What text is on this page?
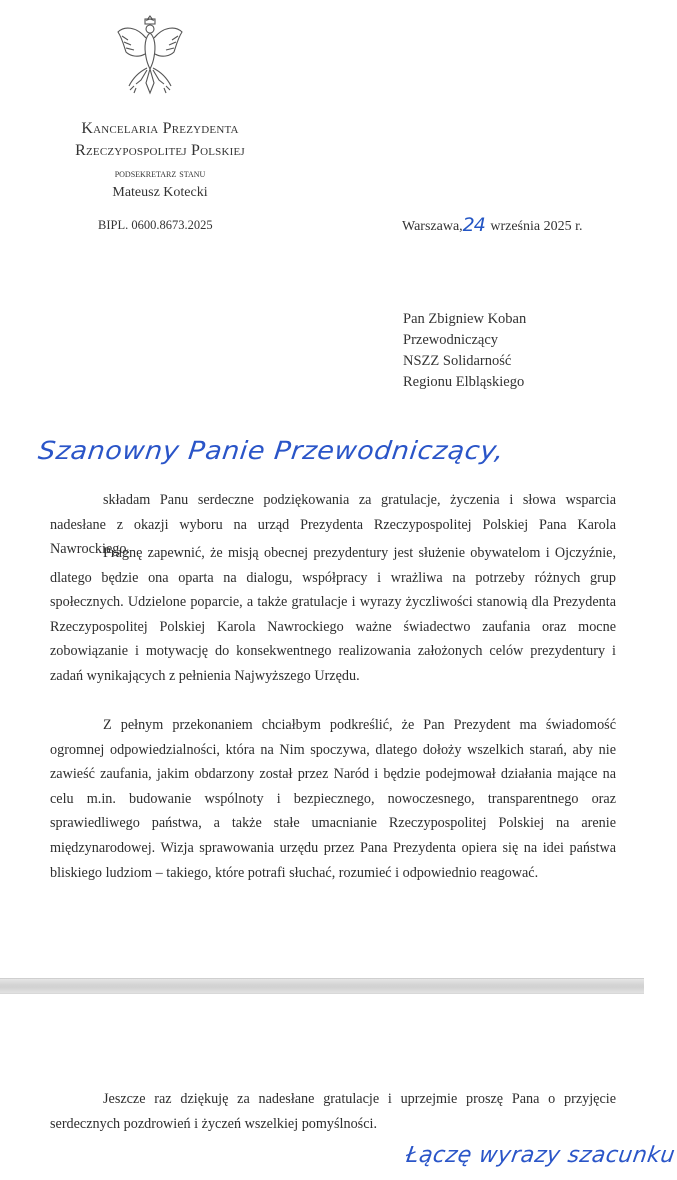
Kancelaria Prezydenta
Rzeczypospolitej Polskiej
podsekretarz stanu
Mateusz Kotecki
BIPL. 0600.8673.2025	Warszawa,24 września 2025 r.
Pan Zbigniew Koban
Przewodniczący
NSZZ Solidarność
Regionu Elbląskiego
Szanowny Panie Przewodniczący,

składam Panu serdeczne podziękowania za gratulacje, życzenia i słowa wsparcia nadesłane z okazji wyboru na urząd Prezydenta Rzeczypospolitej Polskiej Pana Karola Nawrockiego.

Pragnę zapewnić, że misją obecnej prezydentury jest służenie obywatelom i Ojczyźnie, dlatego będzie ona oparta na dialogu, współpracy i wrażliwa na potrzeby różnych grup społecznych. Udzielone poparcie, a także gratulacje i wyrazy życzliwości stanowią dla Prezydenta Rzeczypospolitej Polskiej Karola Nawrockiego ważne świadectwo zaufania oraz mocne zobowiązanie i motywację do konsekwentnego realizowania założonych celów prezydentury i zadań wynikających z pełnienia Najwyższego Urzędu.

Z pełnym przekonaniem chciałbym podkreślić, że Pan Prezydent ma świadomość ogromnej odpowiedzialności, która na Nim spoczywa, dlatego dołoży wszelkich starań, aby nie zawieść zaufania, jakim obdarzony został przez Naród i będzie podejmował działania mające na celu m.in. budowanie wspólnoty i bezpiecznego, nowoczesnego, transparentnego oraz sprawiedliwego państwa, a także stałe umacnianie Rzeczypospolitej Polskiej na arenie międzynarodowej. Wizja sprawowania urzędu przez Pana Prezydenta opiera się na idei państwa bliskiego ludziom – takiego, które potrafi słuchać, rozumieć i odpowiednio reagować.

Jeszcze raz dziękuję za nadesłane gratulacje i uprzejmie proszę Pana o przyjęcie serdecznych pozdrowień i życzeń wszelkiej pomyślności.

Łączę wyrazy szacunku
